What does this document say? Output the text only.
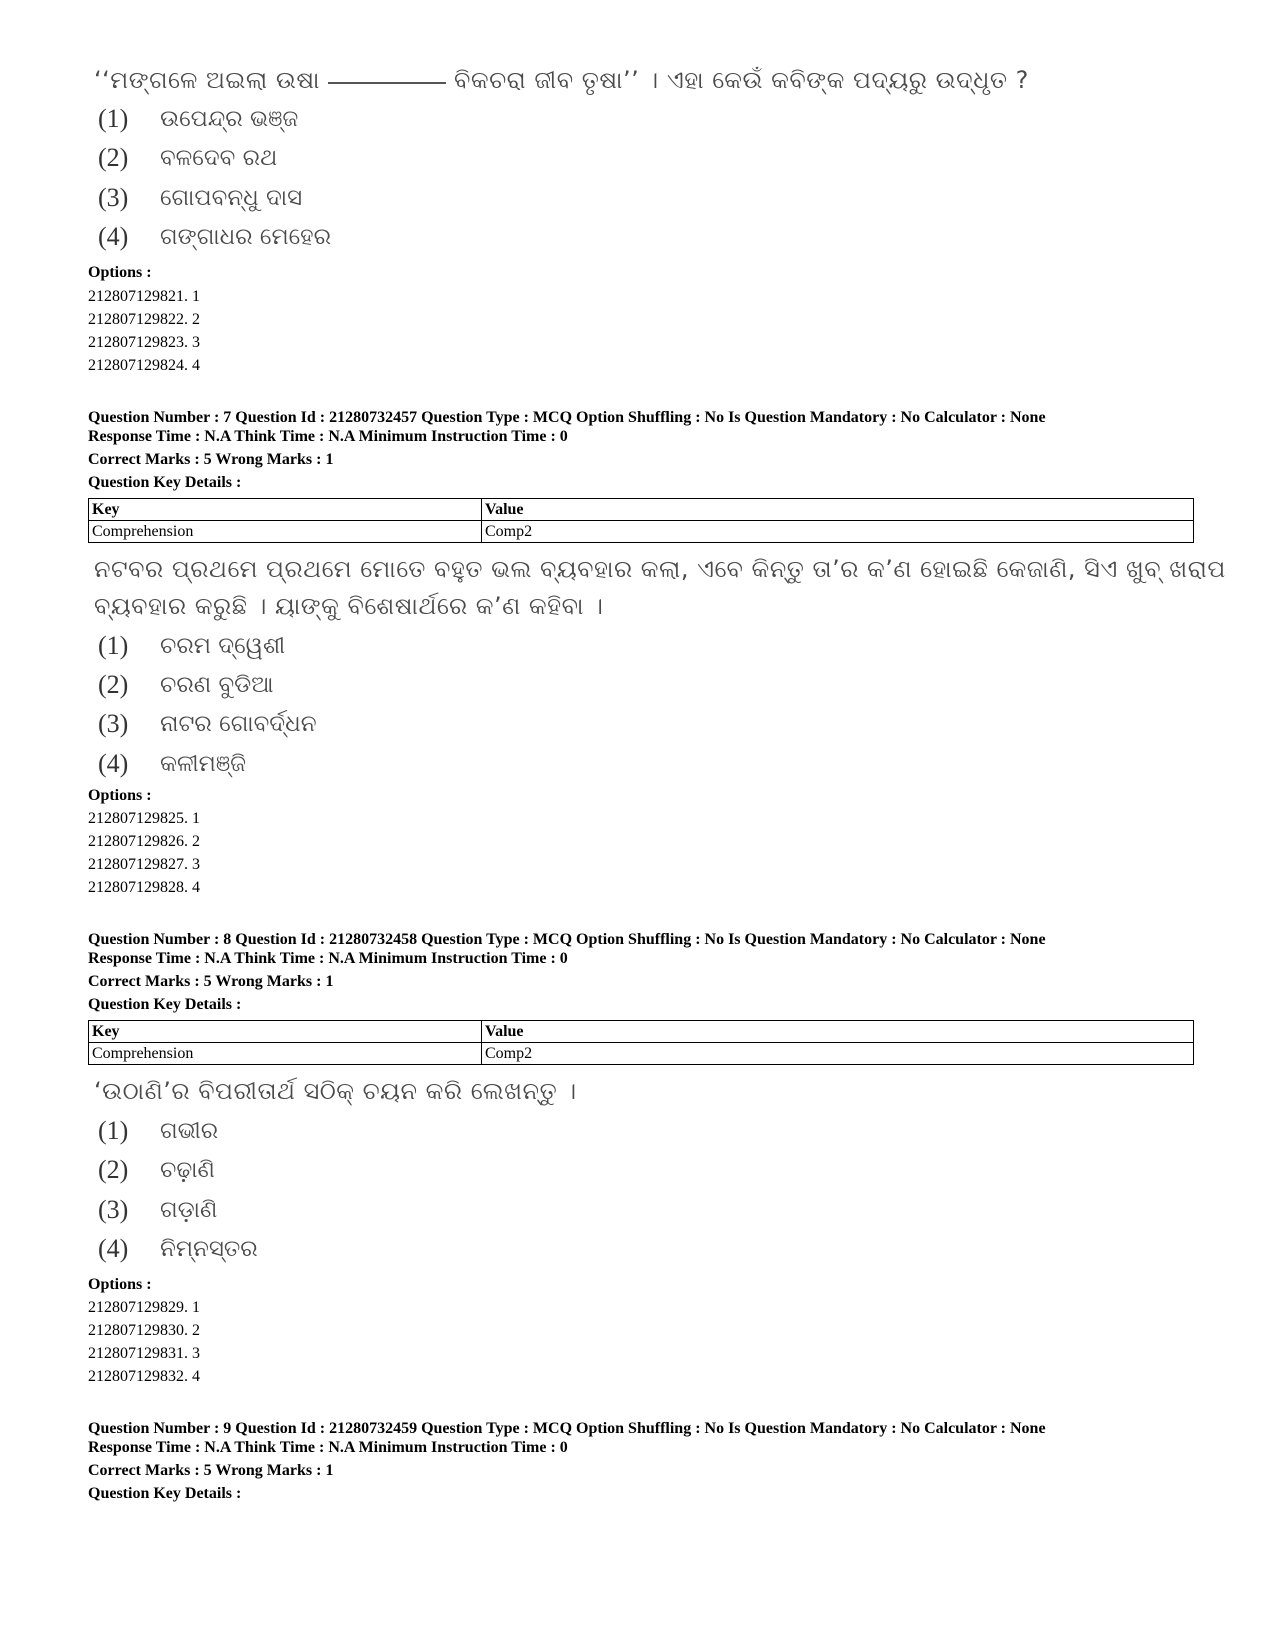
‘‘ମଙ୍ଗଳେ ଅଇଲା ଉଷା	ବିକଚରା ଜୀବ ତୃଷା’’ । ଏହା କେଉଁ କବିଙ୍କ ପଦ୍ୟରୁ ଉଦ୍ଧୃତ ?
(1)	ଉପେନ୍ଦ୍ର ଭଞ୍ଜ
(2)	ବଳଦେବ ରଥ
(3)	ଗୋପବନ୍ଧୁ ଦାସ
(4)	ଗଙ୍ଗାଧର ମେହେର
Options :
212807129821. 1
212807129822. 2
212807129823. 3
212807129824. 4
Question Number : 7 Question Id : 21280732457 Question Type : MCQ Option Shuffling : No Is Question Mandatory : No Calculator : None
Response Time : N.A Think Time : N.A Minimum Instruction Time : 0
Correct Marks : 5 Wrong Marks : 1
Question Key Details :
Key	Value
Comprehension	Comp2
ନଟବର ପ୍ରଥମେ ପ୍ରଥମେ ମୋତେ ବହୁତ ଭଲ ବ୍ୟବହାର କଲା, ଏବେ କିନ୍ତୁ ତା’ର କ’ଣ ହୋଇଛି କେଜାଣି, ସିଏ ଖୁବ୍ ଖରାପ
ବ୍ୟବହାର କରୁଛି । ୟାଙ୍କୁ ବିଶେଷାର୍ଥରେ କ’ଣ କହିବା ।
(1)	ଚରମ ଦ୍ୱେଶୀ
(2)	ଚରଣ ବୁଡିଆ
(3)	ନାଟର ଗୋବର୍ଦ୍ଧନ
(4)	କଳୀମଞ୍ଜି
Options :
212807129825. 1
212807129826. 2
212807129827. 3
212807129828. 4
Question Number : 8 Question Id : 21280732458 Question Type : MCQ Option Shuffling : No Is Question Mandatory : No Calculator : None
Response Time : N.A Think Time : N.A Minimum Instruction Time : 0
Correct Marks : 5 Wrong Marks : 1
Question Key Details :
Key	Value
Comprehension	Comp2
‘ଉଠାଣି’ର ବିପରୀତାର୍ଥ ସଠିକ୍ ଚୟନ କରି ଲେଖନ୍ତୁ ।
(1)	ଗଭୀର
(2)	ଚଢ଼ାଣି
(3)	ଗଡ଼ାଣି
(4)	ନିମ୍ନସ୍ତର
Options :
212807129829. 1
212807129830. 2
212807129831. 3
212807129832. 4
Question Number : 9 Question Id : 21280732459 Question Type : MCQ Option Shuffling : No Is Question Mandatory : No Calculator : None
Response Time : N.A Think Time : N.A Minimum Instruction Time : 0
Correct Marks : 5 Wrong Marks : 1
Question Key Details :
